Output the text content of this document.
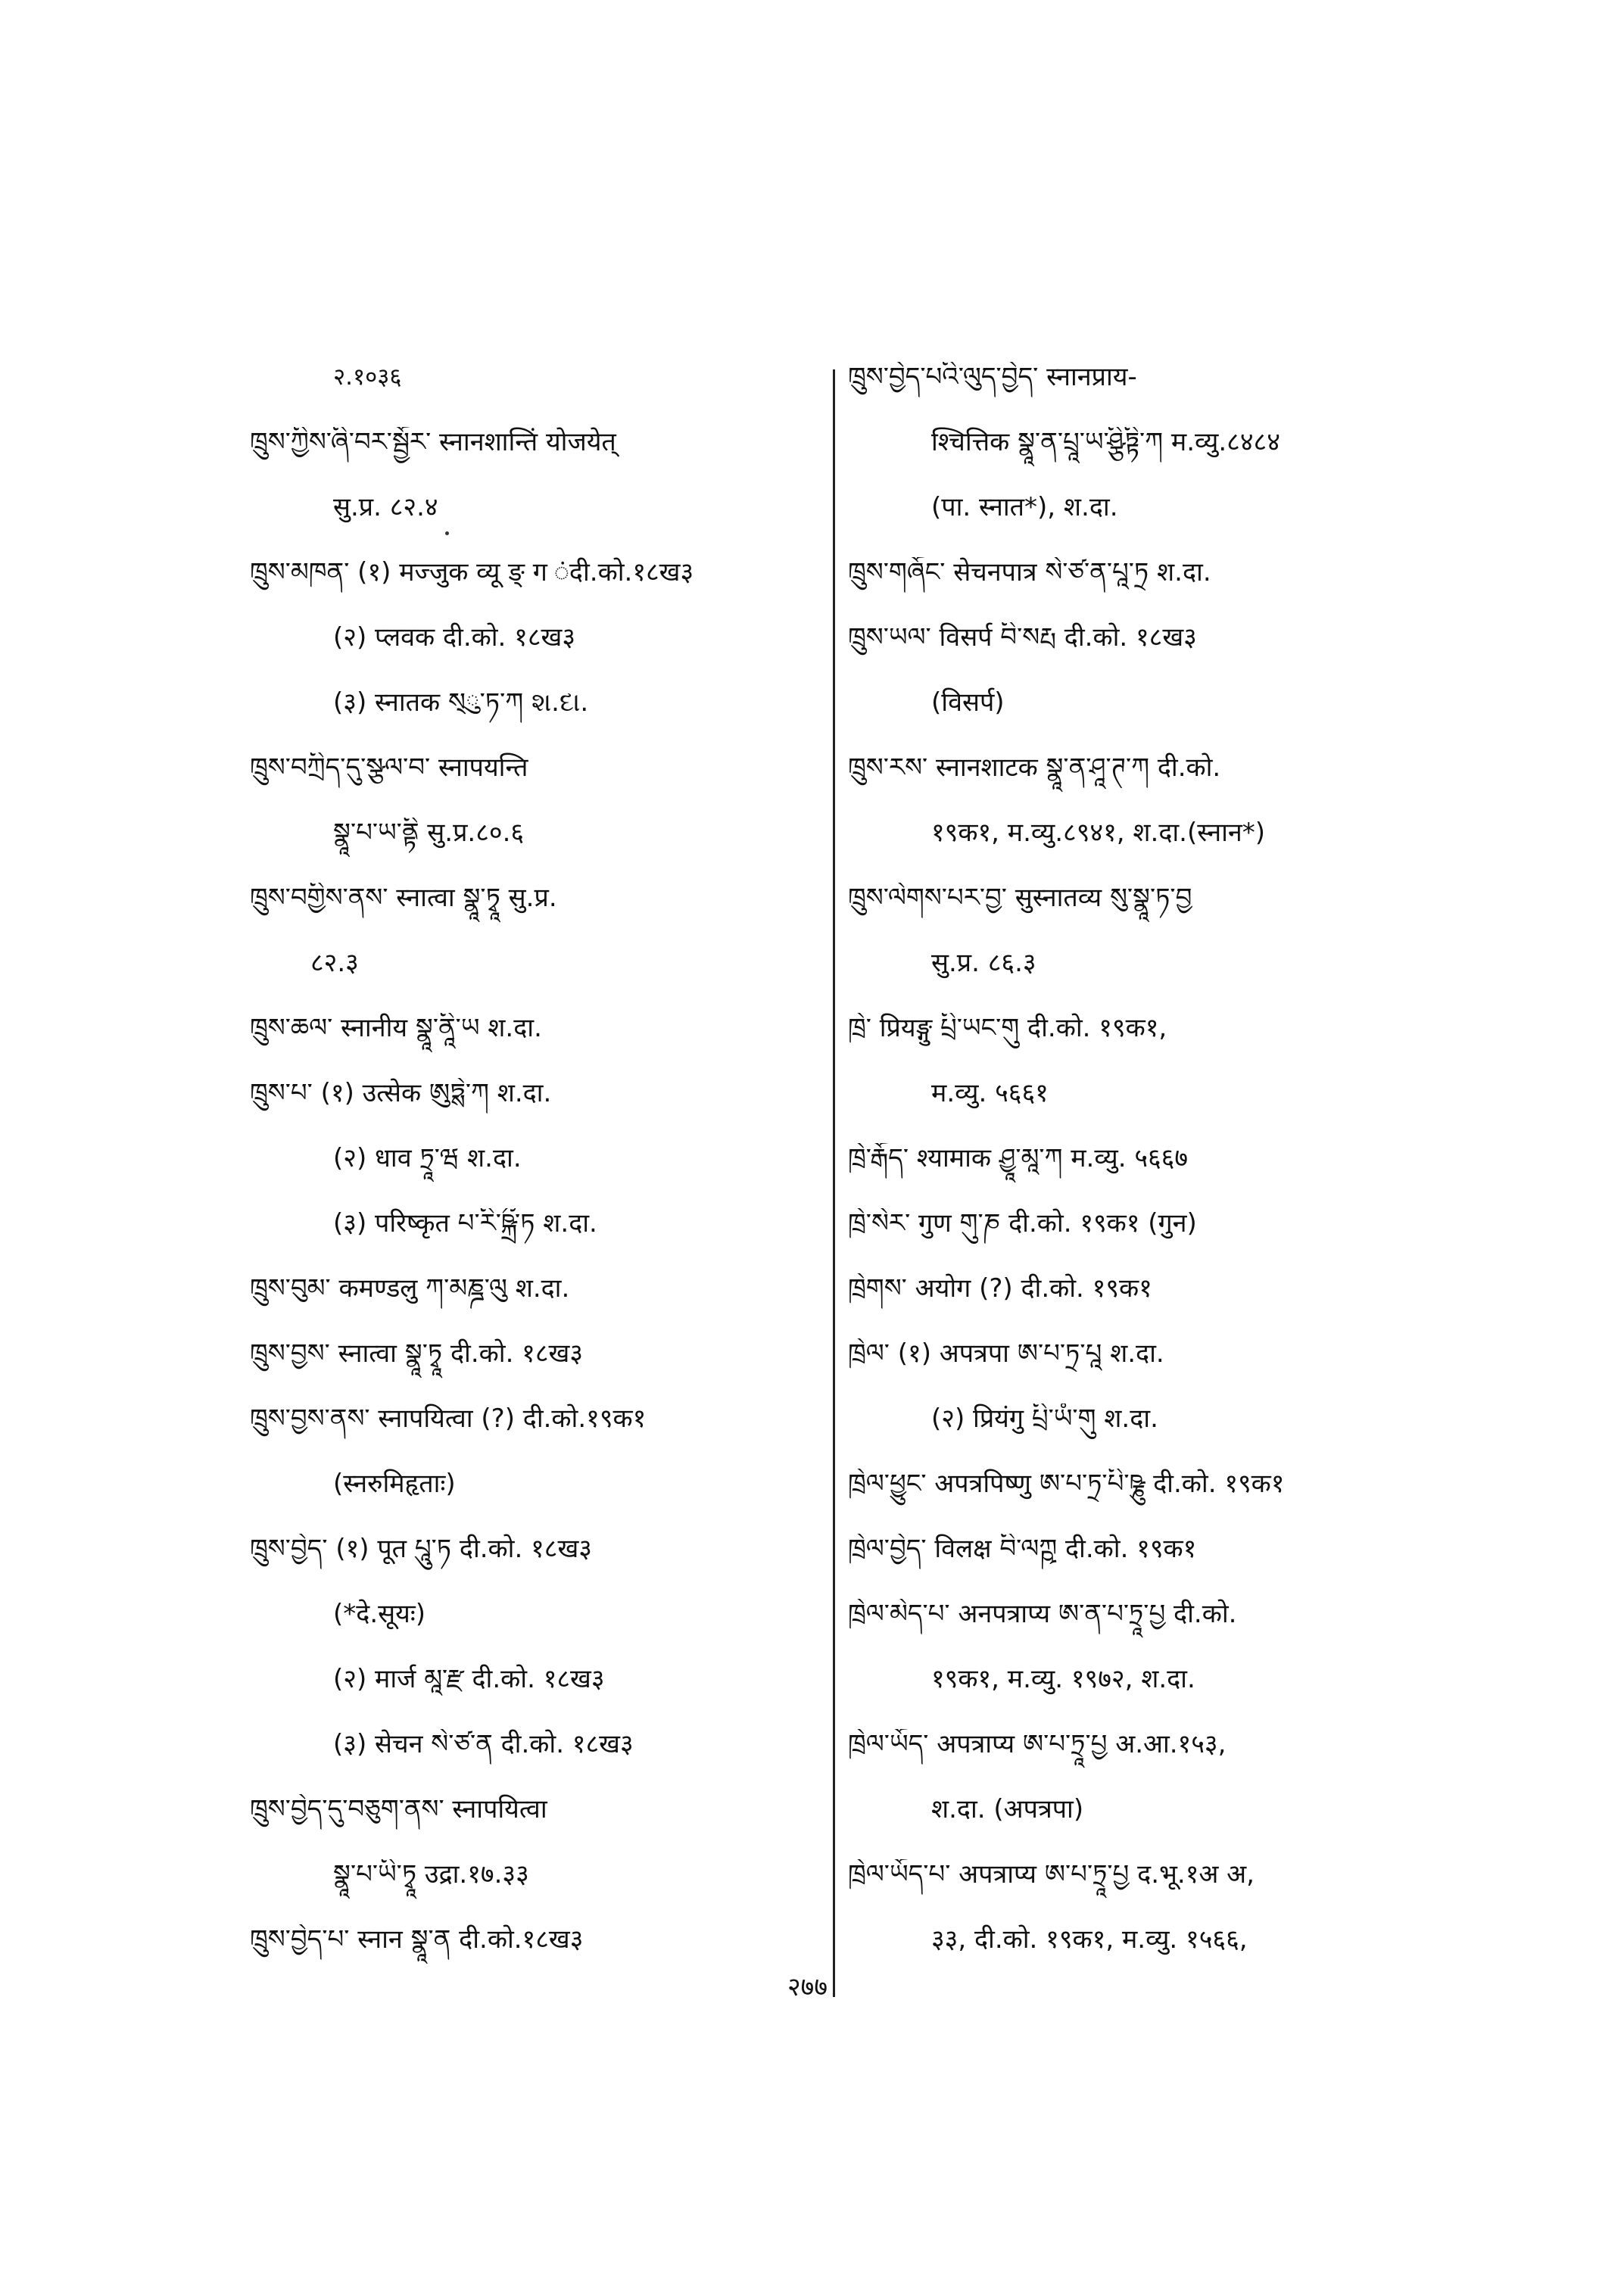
२.१०३६
ཁྲུས་ཀྱིས་ཞི་བར་སྦྱོར་ स्नानशान्तिं योजयेत्
सु.प्र. ८२.४
ཁྲུས་མཁན་ (१) मज्जुक व्यू ङ् ग ंदी.को.१८ख३
(२) प्लवक दी.को. १८ख३
(३) स्नातक ས྄ུ་ཏ་ཀ શ.દા.
ཁྲུས་བཀྲིད་དུ་སྩལ་བ་ स्नापयन्ति
སྣཱ་པ་ཡ་ནྟི सु.प्र.८०.६
ཁྲུས་བགྱིས་ནས་ स्नात्वा སྣཱ་ཏྭཱ सु.प्र.
८२.३
ཁྲུས་ཆལ་ स्नानीय སྣཱ་ནཱི་ཡ श.दा.
ཁྲུས་པ་ (१) उत्सेक ཨུཏྶེ་ཀ श.दा.
(२) धाव ཏྲཱ་ཝ श.दा.
(३) परिष्कृत པ་རི་ཥྐྲྀ་ཏ श.दा.
ཁྲུས་བུམ་ कमण्डलु ཀ་མཎྜ་ལུ श.दा.
ཁྲུས་བྱས་ स्नात्वा སྣཱ་ཏྭཱ दी.को. १८ख३
ཁྲུས་བྱས་ནས་ स्नापयित्वा (?) दी.को.१९क१
(स्नरुमिहृताः)
ཁྲུས་བྱེད་ (१) पूत པཱུ་ཏ दी.को. १८ख३
(*दे.सूयः)
(२) मार्ज མཱ་རྫ दी.को. १८ख३
(३) सेचन སེ་ཙ་ན दी.को. १८ख३
ཁྲུས་བྱེད་དུ་བཅུག་ནས་ स्नापयित्वा
སྣཱ་པ་ཡི་ཏྭཱ उद्रा.१७.३३
ཁྲུས་བྱེད་པ་ स्नान སྣཱ་ན दी.को.१८ख३
ཁྲུས་བྱེད་པའི་ལུད་བྱེད་ स्नानप्राय-
श्चित्तिक སྣཱ་ན་པྲཱ་ཡ་ཤྩིཏྟི་ཀ म.व्यु.८४८४
(पा. स्नात*), श.दा.
ཁྲུས་གཞོང་ सेचनपात्र སེ་ཙ་ན་པཱ་ཏྲ श.दा.
ཁྲུས་ཡལ་ विसर्प བི་སརྤ दी.को. १८ख३
(विसर्प)
ཁྲུས་རས་ स्नानशाटक སྣཱ་ན་ཤཱ་ཊ་ཀ दी.को.
१९क१, म.व्यु.८९४१, श.दा.(स्नान*)
ཁྲུས་ལེགས་པར་བྱ་ सुस्नातव्य སུ་སྣཱ་ཏ་བྱ
सु.प्र. ८६.३
ཁྲེ་ प्रियङ्गु པྲི་ཡང་གུ दी.को. १९क१,
म.व्यु. ५६६१
ཁྲེ་རྒོད་ श्यामाक ཤྱཱ་མཱ་ཀ म.व्यु. ५६६७
ཁྲེ་སེར་ गुण གུ་ཎ दी.को. १९क१ (गुन)
ཁྲེགས་ अयोग (?) दी.को. १९क१
ཁྲེལ་ (१) अपत्रपा ཨ་པ་ཏྲ་པཱ श.दा.
(२) प्रियंगु པྲི་ཡཾ་གུ श.दा.
ཁྲེལ་ཕྱུང་ अपत्रपिष्णु ཨ་པ་ཏྲ་པི་ཥྞུ दी.को. १९क१
ཁྲེལ་བྱེད་ विलक्ष བི་ལཀྵ दी.को. १९क१
ཁྲེལ་མེད་པ་ अनपत्राप्य ཨ་ན་པ་ཏྲཱ་པྱ दी.को.
१९क१, म.व्यु. १९७२, श.दा.
ཁྲེལ་ཡོད་ अपत्राप्य ཨ་པ་ཏྲཱ་པྱ अ.आ.१५३,
श.दा. (अपत्रपा)
ཁྲེལ་ཡོད་པ་ अपत्राप्य ཨ་པ་ཏྲཱ་པྱ द.भू.१अ अ,
३३, दी.को. १९क१, म.व्यु. १५६६,
२७७
